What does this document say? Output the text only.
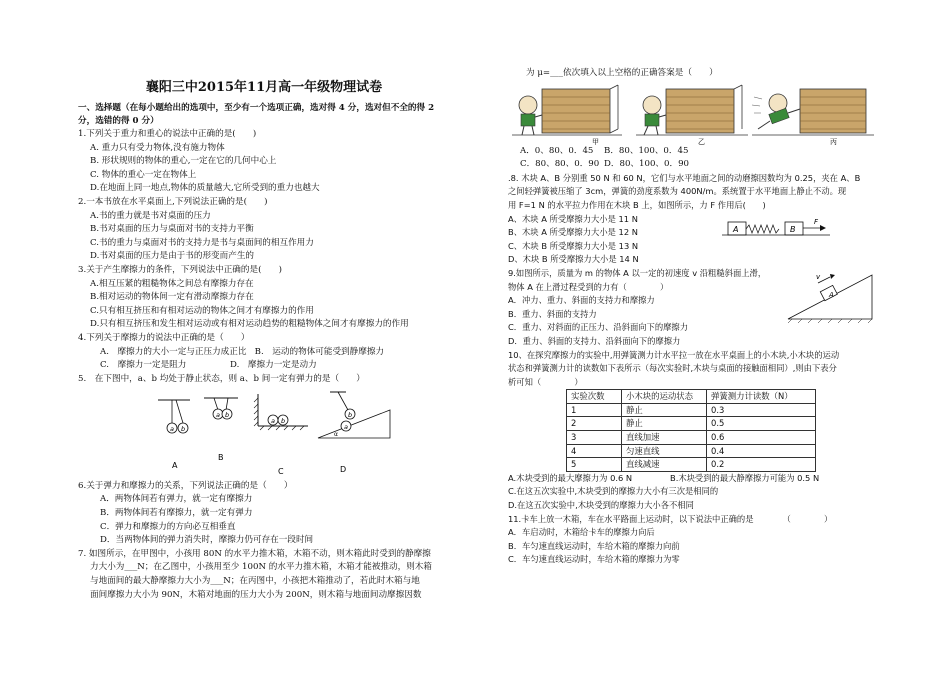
襄阳三中2015年11月高一年级物理试卷
一、选择题（在每小题给出的选项中，至少有一个选项正确，选对得 4 分，选对但不全的得 2
分，选错的得 0 分）
1.下列关于重力和重心的说法中正确的是(　　)
A. 重力只有受力物体,没有施力物体
B. 形状规则的物体的重心,一定在它的几何中心上
C. 物体的重心一定在物体上
D.在地面上同一地点,物体的质量越大,它所受到的重力也越大
2.一本书放在水平桌面上,下列说法正确的是(　　)
A.书的重力就是书对桌面的压力
B.书对桌面的压力与桌面对书的支持力平衡
C.书的重力与桌面对书的支持力是书与桌面间的相互作用力
D.书对桌面的压力是由于书的形变而产生的
3.关于产生摩擦力的条件，下列说法中正确的是(　　)
A.相互压紧的粗糙物体之间总有摩擦力存在
B.相对运动的物体间一定有滑动摩擦力存在
C.只有相互挤压和有相对运动的物体之间才有摩擦力的作用
D.只有相互挤压和发生相对运动或有相对运动趋势的粗糙物体之间才有摩擦力的作用
4.下列关于摩擦力的说法中正确的是（　　）
A.　摩擦力的大小一定与正压力成正比 B.　运动的物体可能受到静摩擦力
C.　摩擦力一定是阻力	D.　摩擦力一定是动力
5.　在下图中，a、b 均处于静止状态，则 a、b 间一定有弹力的是（　　）
a b
A
a b
B
a b
C
b
a
α
D
6.关于弹力和摩擦力的关系，下列说法正确的是（　　）
A．两物体间若有弹力，就一定有摩擦力
B．两物体间若有摩擦力，就一定有弹力
C．弹力和摩擦力的方向必互相垂直
D．当两物体间的弹力消失时，摩擦力仍可存在一段时间
7. 如图所示，在甲图中，小孩用 80N 的水平力推木箱，木箱不动，则木箱此时受到的静摩擦
力大小为___N；在乙图中，小孩用至少 100N 的水平力推木箱，木箱才能被推动，则木箱
与地面间的最大静摩擦力大小为___N；在丙图中，小孩把木箱推动了，若此时木箱与地
面间摩擦力大小为 90N，木箱对地面的压力大小为 200N，则木箱与地面间动摩擦因数
为 μ=___依次填入以上空格的正确答案是（　　）
甲	乙	丙
A．0、80、0．45 B．80、100、0．45
C．80、80、0．90 D．80、100、0．90
.8. 木块 A、B 分别重 50 N 和 60 N，它们与水平地面之间的动磨擦因数均为 0.25，夹在 A、B
之间轻弹簧被压缩了 3cm，弹簧的劲度系数为 400N/m。系统置于水平地面上静止不动。现
用 F=1 N 的水平拉力作用在木块 B 上，如图所示，力 F 作用后(　　)
A、木块 A 所受摩擦力大小是 11 N
B、木块 A 所受摩擦力大小是 12 N
C、木块 B 所受摩擦力大小是 13 N
D、木块 B 所受摩擦力大小是 14 N
A	B
F
9.如图所示，质量为 m 的物体 A 以一定的初速度 v 沿粗糙斜面上滑，
物体 A 在上滑过程受到的力有（　　　　）
A．冲力、重力、斜面的支持力和摩擦力
B．重力、斜面的支持力
C．重力、对斜面的正压力、沿斜面向下的摩擦力
D．重力、斜面的支持力、沿斜面向下的摩擦力
A
v
10、在探究摩擦力的实验中,用弹簧测力计水平拉一放在水平桌面上的小木块,小木块的运动
状态和弹簧测力计的读数如下表所示（每次实验时,木块与桌面的接触面相同）,则由下表分
析可知（　　　　）
实验次数	小木块的运动状态	弹簧测力计读数（N）
1	静止	0.3
2	静止	0.5
3	直线加速	0.6
4	匀速直线	0.4
5	直线减速	0.2
A.木块受到的最大摩擦力为 0.6 N	B.木块受到的最大静摩擦力可能为 0.5 N
C.在这五次实验中,木块受到的摩擦力大小有三次是相同的
D.在这五次实验中,木块受到的摩擦力大小各不相同
11.卡车上放一木箱，车在水平路面上运动时，以下说法中正确的是　　　　（　　　　）
A．车启动时，木箱给卡车的摩擦力向后
B．车匀速直线运动时，车给木箱的摩擦力向前
C．车匀速直线运动时，车给木箱的摩擦力为零
